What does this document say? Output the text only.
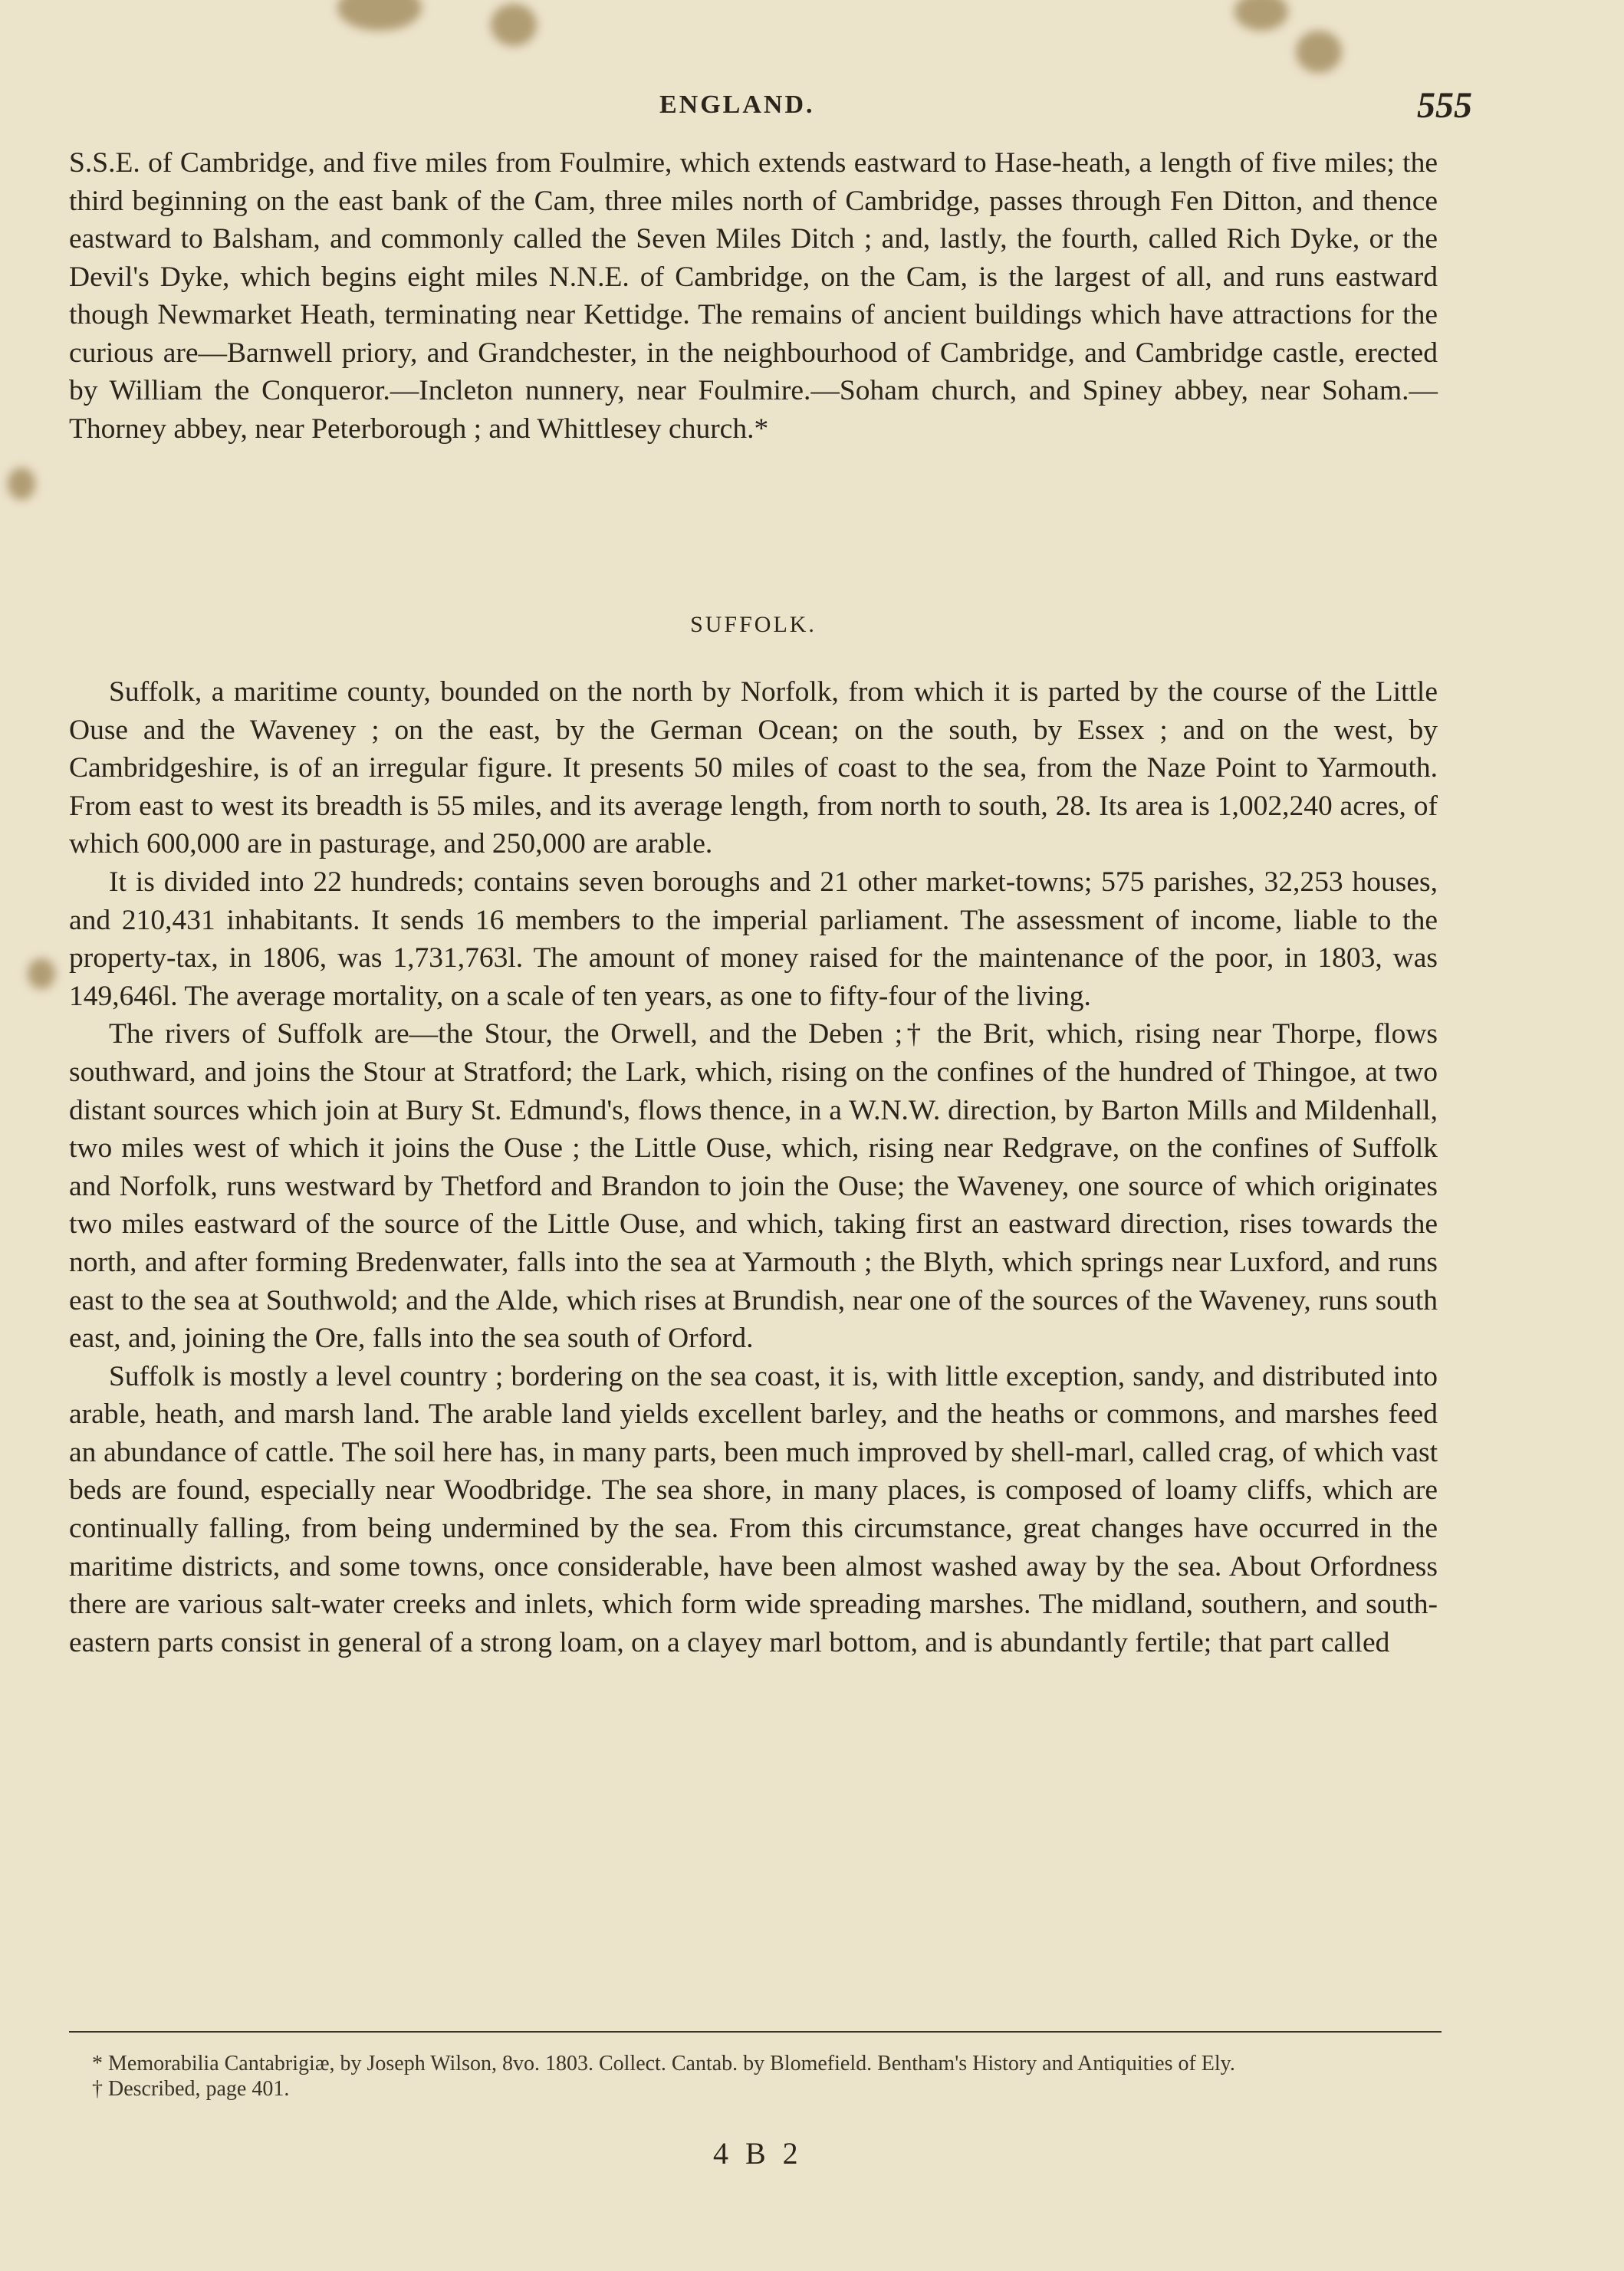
ENGLAND.	555

S.S.E. of Cambridge, and five miles from Foulmire, which extends eastward to Hase-heath, a length of five miles; the third beginning on the east bank of the Cam, three miles north of Cambridge, passes through Fen Ditton, and thence eastward to Balsham, and commonly called the Seven Miles Ditch ; and, lastly, the fourth, called Rich Dyke, or the Devil's Dyke, which begins eight miles N.N.E. of Cambridge, on the Cam, is the largest of all, and runs eastward though Newmarket Heath, terminating near Kettidge. The remains of ancient buildings which have attractions for the curious are—Barnwell priory, and Grandchester, in the neighbourhood of Cambridge, and Cambridge castle, erected by William the Conqueror.—Incleton nunnery, near Foulmire.—Soham church, and Spiney abbey, near Soham.—Thorney abbey, near Peterborough ; and Whittlesey church.*

SUFFOLK.

Suffolk, a maritime county, bounded on the north by Norfolk, from which it is parted by the course of the Little Ouse and the Waveney ; on the east, by the German Ocean; on the south, by Essex ; and on the west, by Cambridgeshire, is of an irregular figure. It presents 50 miles of coast to the sea, from the Naze Point to Yarmouth. From east to west its breadth is 55 miles, and its average length, from north to south, 28. Its area is 1,002,240 acres, of which 600,000 are in pasturage, and 250,000 are arable.

It is divided into 22 hundreds; contains seven boroughs and 21 other market-towns; 575 parishes, 32,253 houses, and 210,431 inhabitants. It sends 16 members to the imperial parliament. The assessment of income, liable to the property-tax, in 1806, was 1,731,763l. The amount of money raised for the maintenance of the poor, in 1803, was 149,646l. The average mortality, on a scale of ten years, as one to fifty-four of the living.

The rivers of Suffolk are—the Stour, the Orwell, and the Deben ;† the Brit, which, rising near Thorpe, flows southward, and joins the Stour at Stratford; the Lark, which, rising on the confines of the hundred of Thingoe, at two distant sources which join at Bury St. Edmund's, flows thence, in a W.N.W. direction, by Barton Mills and Mildenhall, two miles west of which it joins the Ouse ; the Little Ouse, which, rising near Redgrave, on the confines of Suffolk and Norfolk, runs westward by Thetford and Brandon to join the Ouse; the Waveney, one source of which originates two miles eastward of the source of the Little Ouse, and which, taking first an eastward direction, rises towards the north, and after forming Bredenwater, falls into the sea at Yarmouth ; the Blyth, which springs near Luxford, and runs east to the sea at Southwold; and the Alde, which rises at Brundish, near one of the sources of the Waveney, runs south east, and, joining the Ore, falls into the sea south of Orford.

Suffolk is mostly a level country ; bordering on the sea coast, it is, with little exception, sandy, and distributed into arable, heath, and marsh land. The arable land yields excellent barley, and the heaths or commons, and marshes feed an abundance of cattle. The soil here has, in many parts, been much improved by shell-marl, called crag, of which vast beds are found, especially near Woodbridge. The sea shore, in many places, is composed of loamy cliffs, which are continually falling, from being undermined by the sea. From this circumstance, great changes have occurred in the maritime districts, and some towns, once considerable, have been almost washed away by the sea. About Orfordness there are various salt-water creeks and inlets, which form wide spreading marshes. The midland, southern, and south-eastern parts consist in general of a strong loam, on a clayey marl bottom, and is abundantly fertile; that part called

* Memorabilia Cantabrigiæ, by Joseph Wilson, 8vo. 1803. Collect. Cantab. by Blomefield. Bentham's History and Antiquities of Ely.

† Described, page 401.

4 B 2
